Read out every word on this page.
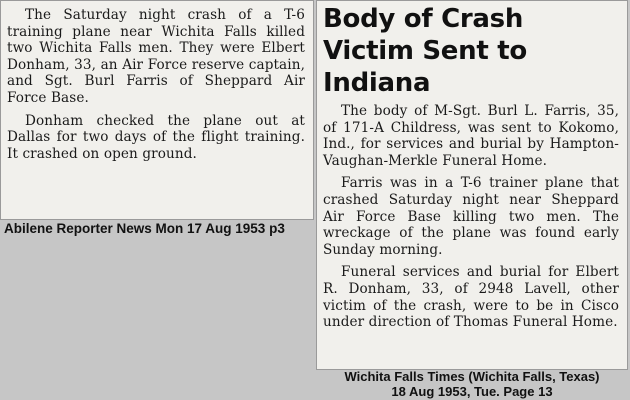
The Saturday night crash of a T-6 training plane near Wichita Falls killed two Wichita Falls men. They were Elbert Donham, 33, an Air Force reserve captain, and Sgt. Burl Farris of Sheppard Air Force Base.

Donham checked the plane out at Dallas for two days of the flight training. It crashed on open ground.

Abilene Reporter News Mon 17 Aug 1953 p3
Body of Crash Victim Sent to Indiana

The body of M-Sgt. Burl L. Farris, 35, of 171-A Childress, was sent to Kokomo, Ind., for services and burial by Hampton-Vaughan-Merkle Funeral Home.

Farris was in a T-6 trainer plane that crashed Saturday night near Sheppard Air Force Base killing two men. The wreckage of the plane was found early Sunday morning.

Funeral services and burial for Elbert R. Donham, 33, of 2948 Lavell, other victim of the crash, were to be in Cisco under direction of Thomas Funeral Home.

Wichita Falls Times (Wichita Falls, Texas)
18 Aug 1953, Tue. Page 13
